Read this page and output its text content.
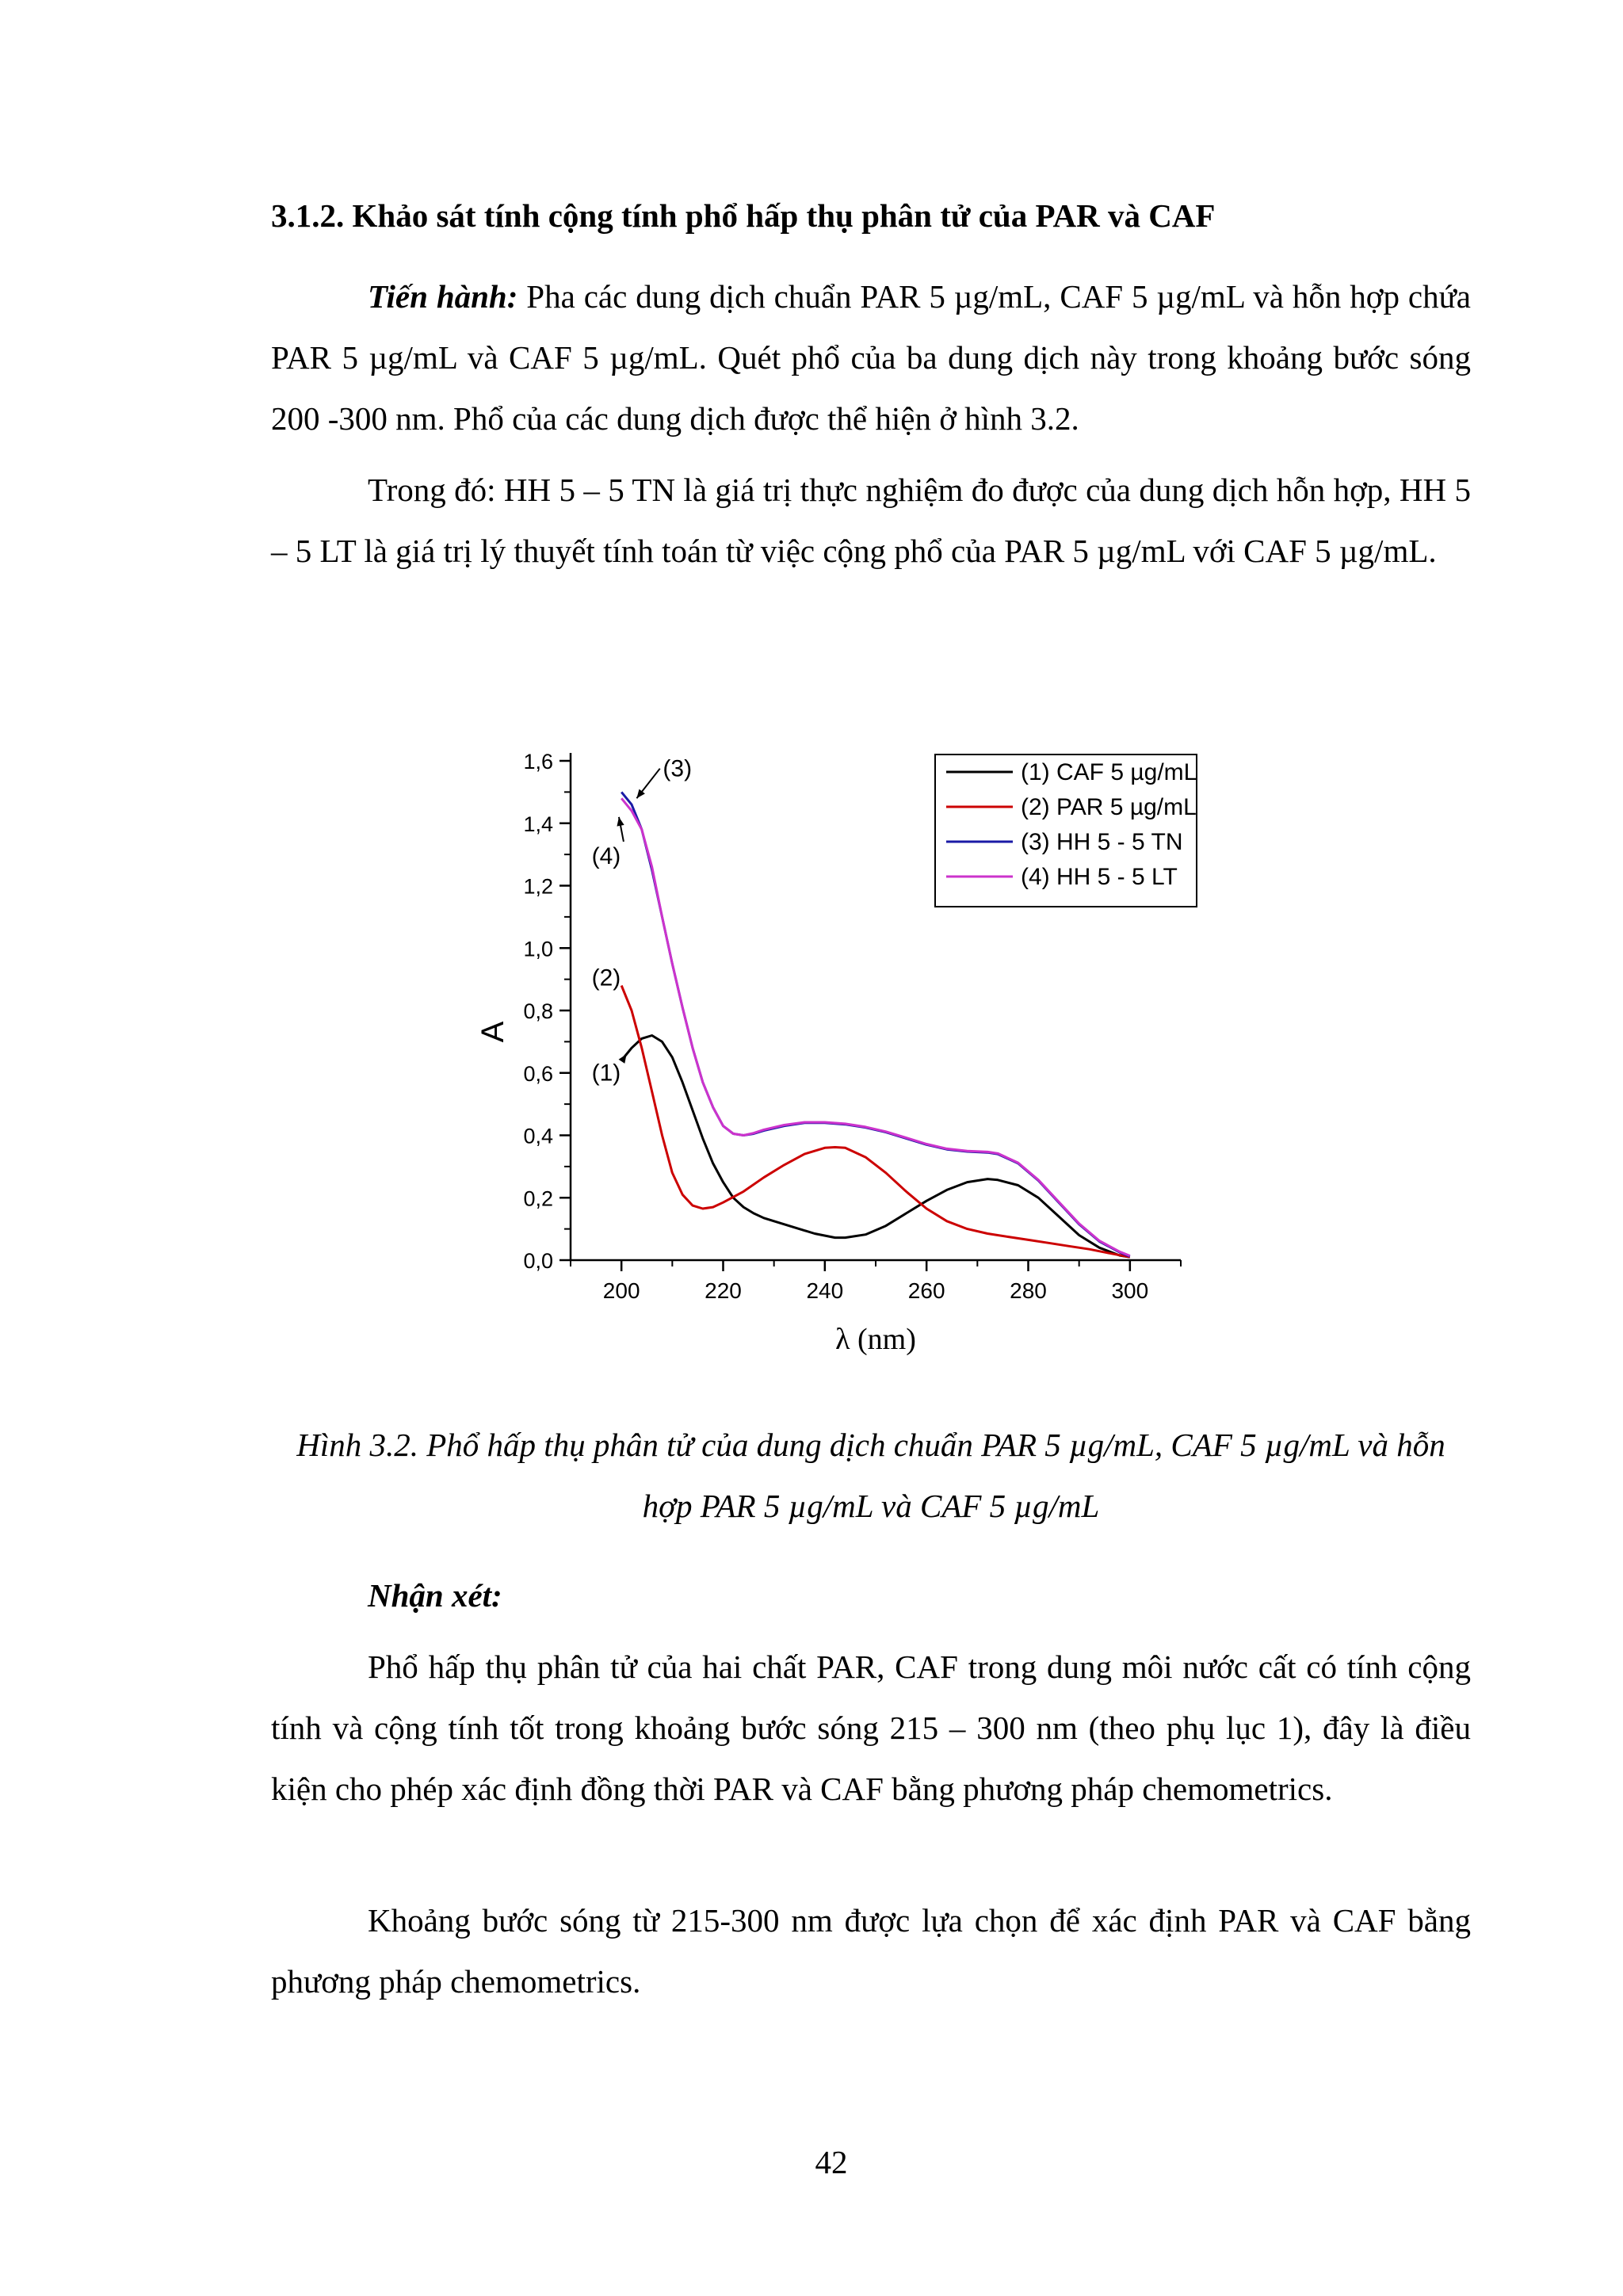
3.1.2. Khảo sát tính cộng tính phổ hấp thụ phân tử của PAR và CAF
Tiến hành: Pha các dung dịch chuẩn PAR 5 µg/mL, CAF 5 µg/mL và hỗn hợp chứa PAR 5 µg/mL và CAF 5 µg/mL. Quét phổ của ba dung dịch này trong khoảng bước sóng 200 -300 nm. Phổ của các dung dịch được thể hiện ở hình 3.2.
Trong đó: HH 5 – 5 TN là giá trị thực nghiệm đo được của dung dịch hỗn hợp, HH 5 – 5 LT là giá trị lý thuyết tính toán từ việc cộng phổ của PAR 5 µg/mL với CAF 5 µg/mL.
200	220	240	260	280	300
0,0
0,2
0,4
0,6
0,8
1,0
1,2
1,4
1,6
(1)
(2)
(3)
(4)
(1) CAF 5 µg/mL
(2) PAR 5 µg/mL
(3) HH 5 - 5 TN
(4) HH 5 - 5 LT
A
λ (nm)
Hình 3.2. Phổ hấp thụ phân tử của dung dịch chuẩn PAR 5 µg/mL, CAF 5 µg/mL và hỗn hợp PAR 5 µg/mL và CAF 5 µg/mL
Nhận xét:
Phổ hấp thụ phân tử của hai chất PAR, CAF trong dung môi nước cất có tính cộng tính và cộng tính tốt trong khoảng bước sóng 215 – 300 nm (theo phụ lục 1), đây là điều kiện cho phép xác định đồng thời PAR và CAF bằng phương pháp chemometrics.
Khoảng bước sóng từ 215-300 nm được lựa chọn để xác định PAR và CAF bằng phương pháp chemometrics.
42
